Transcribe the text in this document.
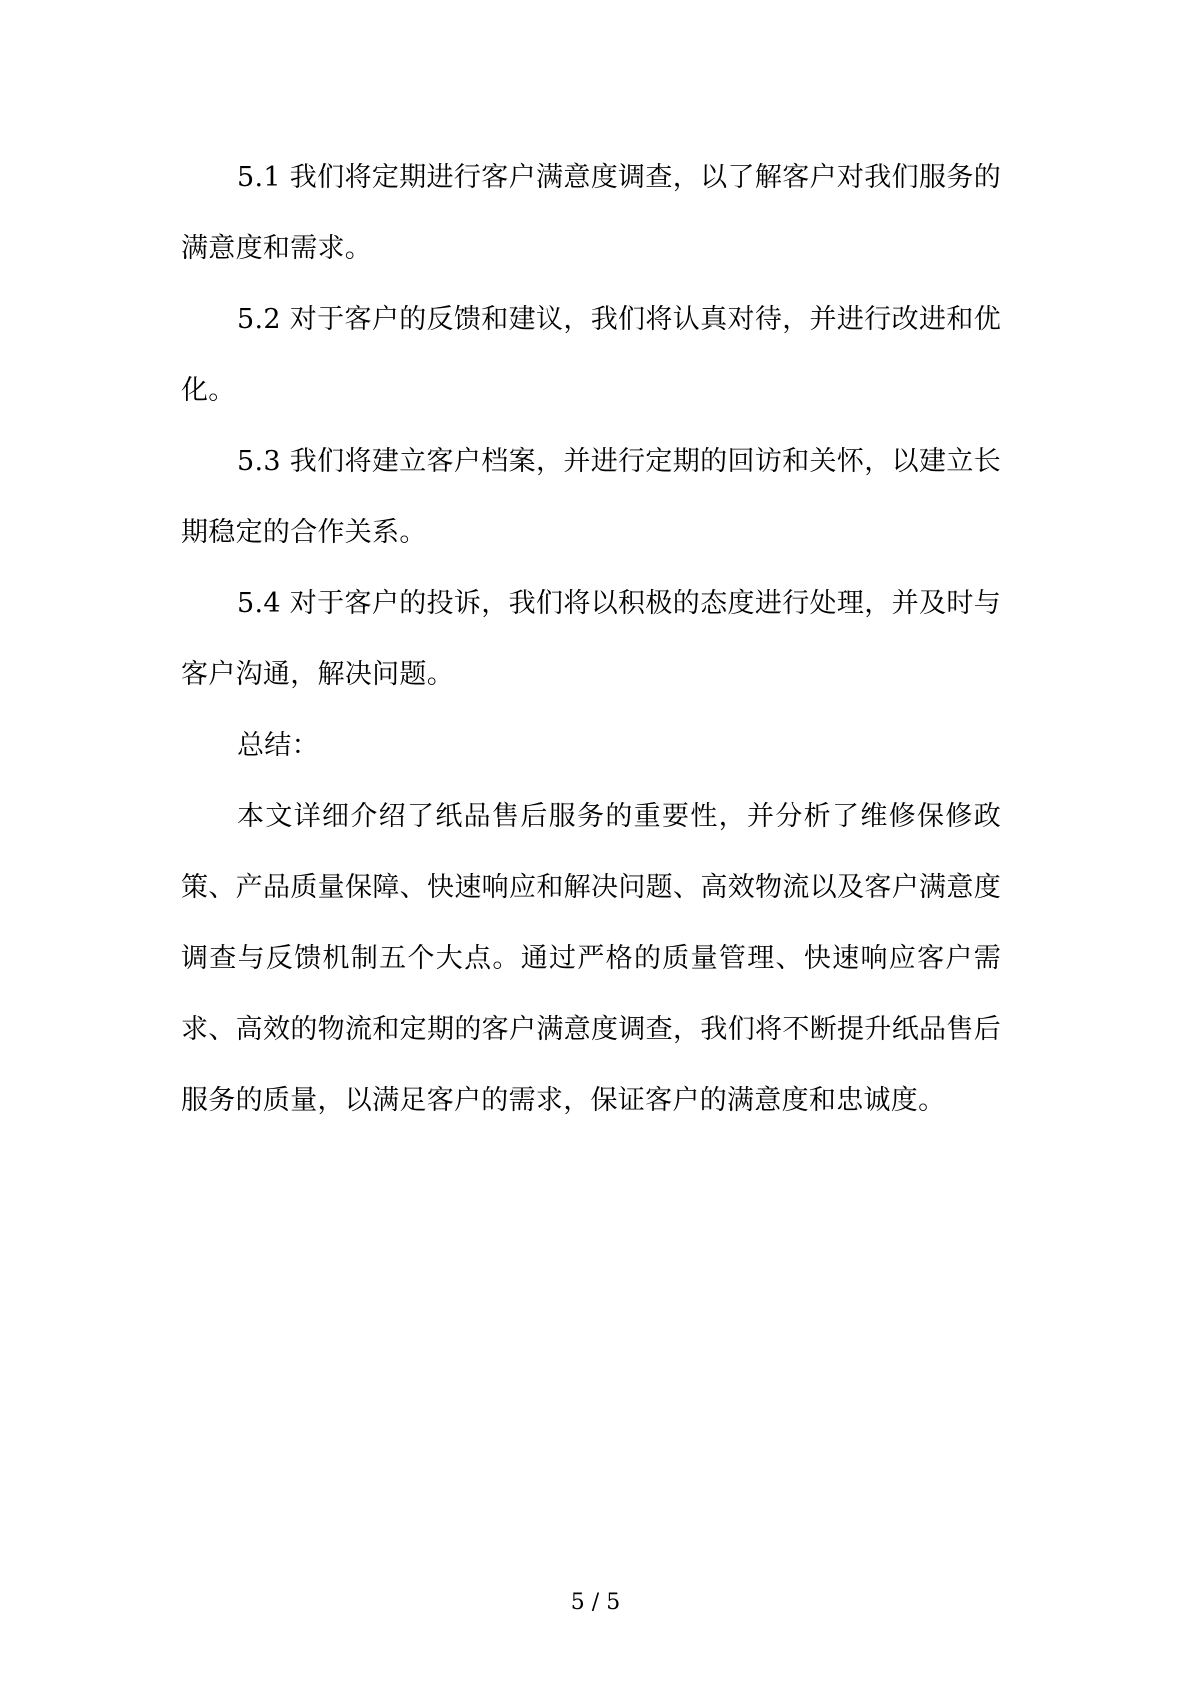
5.1 我们将定期进行客户满意度调查，以了解客户对我们服务的满意度和需求。

5.2 对于客户的反馈和建议，我们将认真对待，并进行改进和优化。

5.3 我们将建立客户档案，并进行定期的回访和关怀，以建立长期稳定的合作关系。

5.4 对于客户的投诉，我们将以积极的态度进行处理，并及时与客户沟通，解决问题。

总结：

本文详细介绍了纸品售后服务的重要性，并分析了维修保修政策、产品质量保障、快速响应和解决问题、高效物流以及客户满意度调查与反馈机制五个大点。通过严格的质量管理、快速响应客户需求、高效的物流和定期的客户满意度调查，我们将不断提升纸品售后服务的质量，以满足客户的需求，保证客户的满意度和忠诚度。

5 / 5
